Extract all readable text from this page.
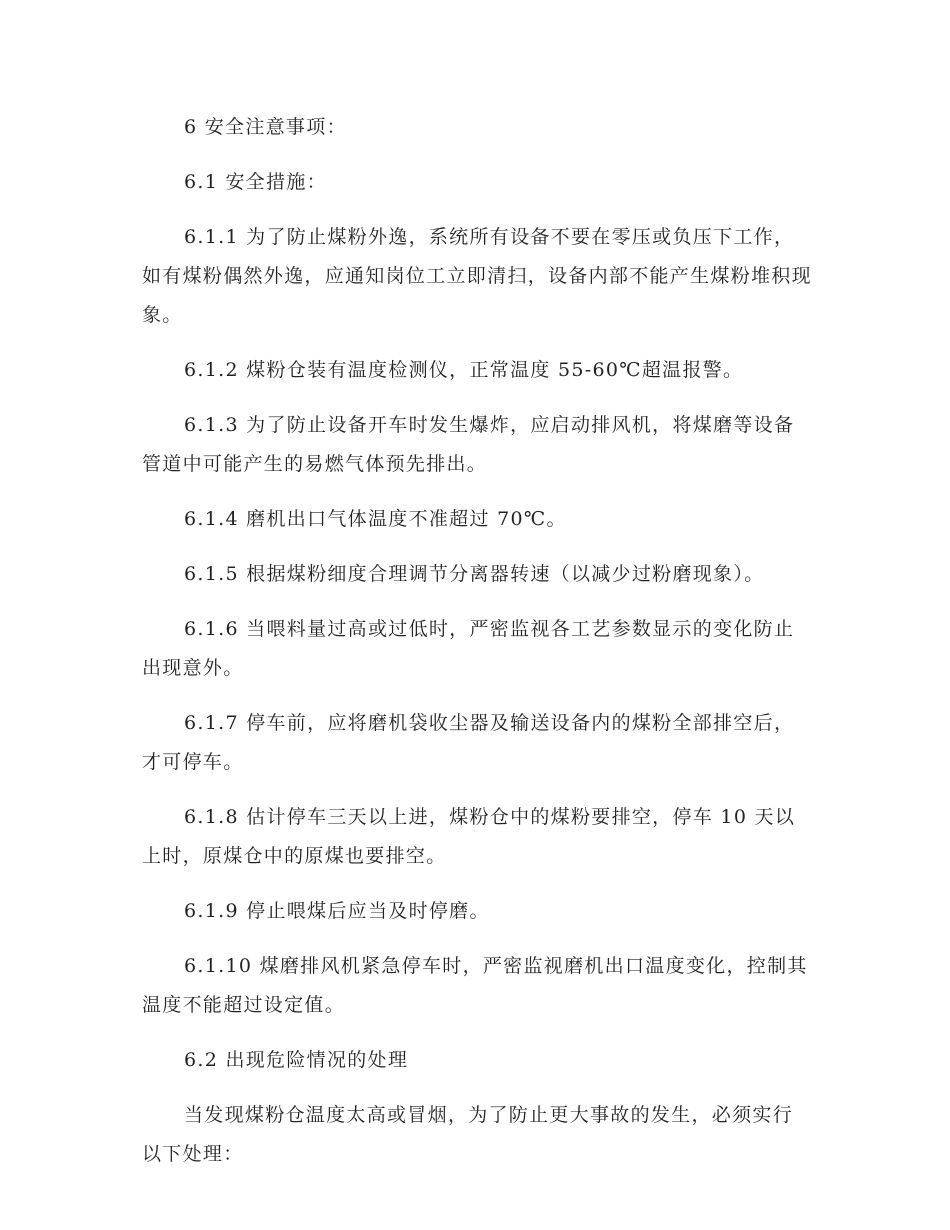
6 安全注意事项：

6.1 安全措施：

6.1.1 为了防止煤粉外逸，系统所有设备不要在零压或负压下工作，如有煤粉偶然外逸，应通知岗位工立即清扫，设备内部不能产生煤粉堆积现象。

6.1.2 煤粉仓装有温度检测仪，正常温度 55-60℃超温报警。

6.1.3 为了防止设备开车时发生爆炸，应启动排风机，将煤磨等设备管道中可能产生的易燃气体预先排出。

6.1.4 磨机出口气体温度不准超过 70℃。

6.1.5 根据煤粉细度合理调节分离器转速（以减少过粉磨现象）。

6.1.6 当喂料量过高或过低时，严密监视各工艺参数显示的变化防止出现意外。

6.1.7 停车前，应将磨机袋收尘器及输送设备内的煤粉全部排空后，才可停车。

6.1.8 估计停车三天以上进，煤粉仓中的煤粉要排空，停车 10 天以上时，原煤仓中的原煤也要排空。

6.1.9 停止喂煤后应当及时停磨。

6.1.10 煤磨排风机紧急停车时，严密监视磨机出口温度变化，控制其温度不能超过设定值。

6.2 出现危险情况的处理

当发现煤粉仓温度太高或冒烟，为了防止更大事故的发生，必须实行以下处理：
